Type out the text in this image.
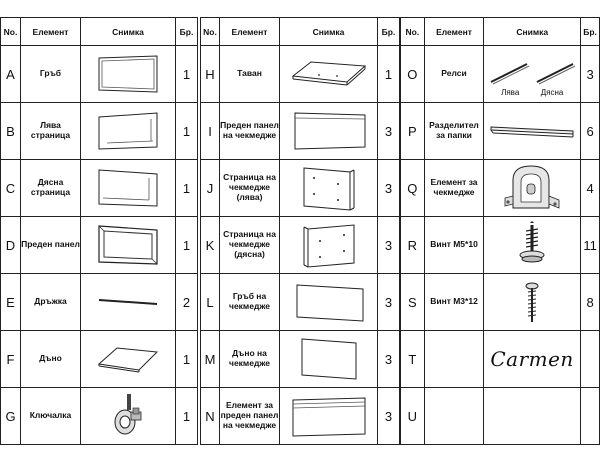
No.	Елемент	Снимка	Бр.
A	Гръб		1
B	Лява страница		1
C	Дясна страница		1
D	Преден панел		1
E	Дръжка		2
F	Дъно		1
G	Ключалка		1
No.	Елемент	Снимка	Бр.
H	Таван		1
I	Преден панел на чекмедже		3
J	Страница на чекмедже (лява)		3
K	Страница на чекмедже (дясна)		3
L	Гръб на чекмедже		3
M	Дъно на чекмедже		3
N	Елемент за преден панел на чекмедже		3
No.	Елемент	Снимка	Бр.
O	Релси	Лява Дясна	3
P	Разделител за папки		6
Q	Елемент за чекмедже		4
R	Винт M5*10		11
S	Винт M3*12		8
T		Carmen	
U			
